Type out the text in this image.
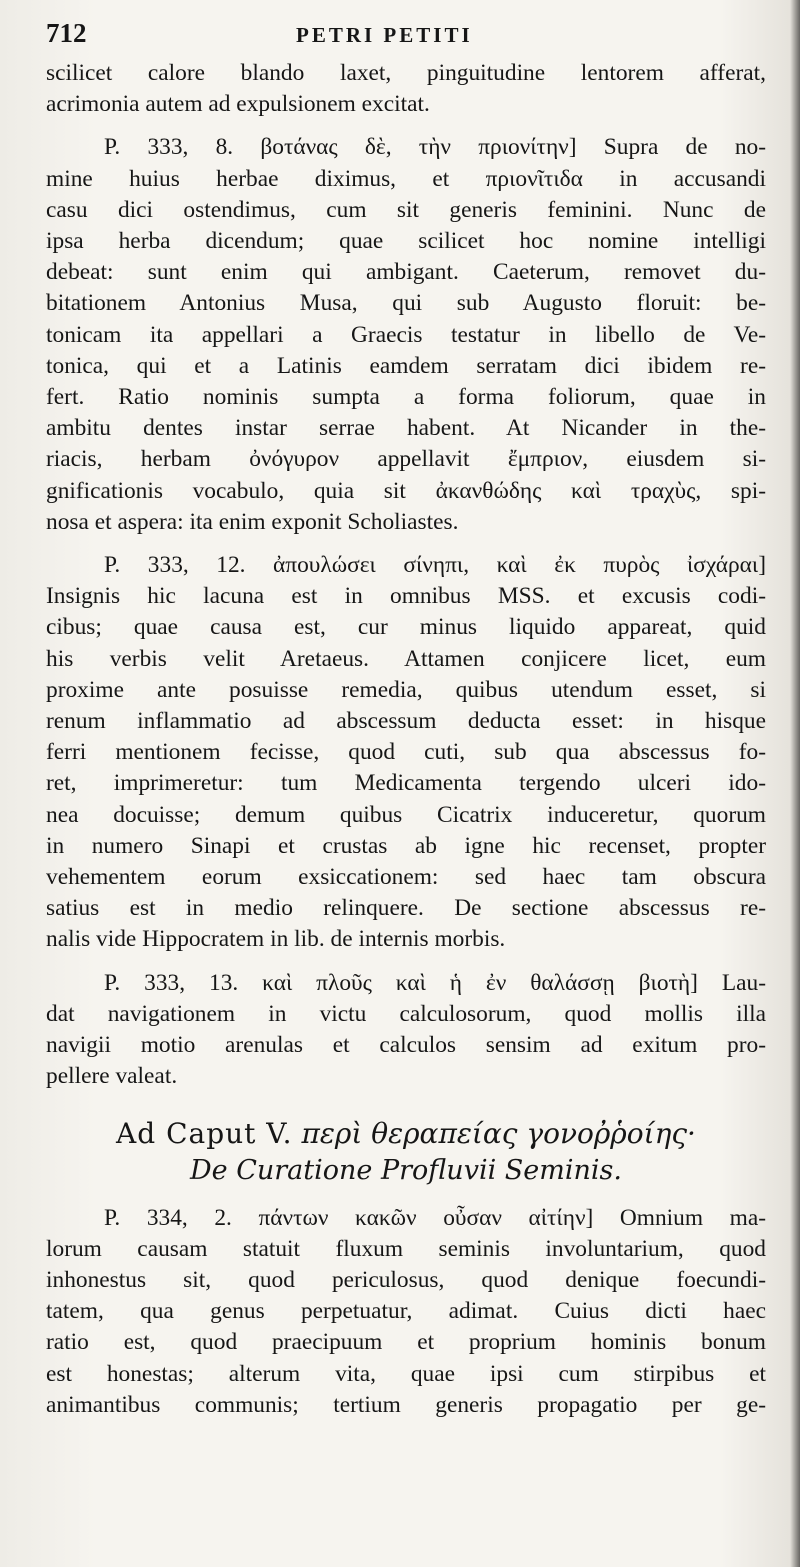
712	PETRI PETITI
scilicet calore blando laxet, pinguitudine lentorem afferat,
acrimonia autem ad expulsionem excitat.
P. 333, 8. βοτάνας δὲ, τὴν πριονίτην] Supra de no-
mine huius herbae diximus, et πριονῖτιδα in accusandi
casu dici ostendimus, cum sit generis feminini. Nunc de
ipsa herba dicendum; quae scilicet hoc nomine intelligi
debeat: sunt enim qui ambigant. Caeterum, removet du-
bitationem Antonius Musa, qui sub Augusto floruit: be-
tonicam ita appellari a Graecis testatur in libello de Ve-
tonica, qui et a Latinis eamdem serratam dici ibidem re-
fert. Ratio nominis sumpta a forma foliorum, quae in
ambitu dentes instar serrae habent. At Nicander in the-
riacis, herbam ὀνόγυρον appellavit ἔμπριον, eiusdem si-
gnificationis vocabulo, quia sit ἀκανθώδης καὶ τραχὺς, spi-
nosa et aspera: ita enim exponit Scholiastes.
P. 333, 12. ἀπουλώσει σίνηπι, καὶ ἐκ πυρὸς ἰσχάραι]
Insignis hic lacuna est in omnibus MSS. et excusis codi-
cibus; quae causa est, cur minus liquido appareat, quid
his verbis velit Aretaeus. Attamen conjicere licet, eum
proxime ante posuisse remedia, quibus utendum esset, si
renum inflammatio ad abscessum deducta esset: in hisque
ferri mentionem fecisse, quod cuti, sub qua abscessus fo-
ret, imprimeretur: tum Medicamenta tergendo ulceri ido-
nea docuisse; demum quibus Cicatrix induceretur, quorum
in numero Sinapi et crustas ab igne hic recenset, propter
vehementem eorum exsiccationem: sed haec tam obscura
satius est in medio relinquere. De sectione abscessus re-
nalis vide Hippocratem in lib. de internis morbis.
P. 333, 13. καὶ πλοῦς καὶ ἡ ἐν θαλάσσῃ βιοτὴ] Lau-
dat navigationem in victu calculosorum, quod mollis illa
navigii motio arenulas et calculos sensim ad exitum pro-
pellere valeat.
Ad Caput V. περὶ θεραπείας γονοῤῥοίης·
De Curatione Profluvii Seminis.
P. 334, 2. πάντων κακῶν οὖσαν αἰτίην] Omnium ma-
lorum causam statuit fluxum seminis involuntarium, quod
inhonestus sit, quod periculosus, quod denique foecundi-
tatem, qua genus perpetuatur, adimat. Cuius dicti haec
ratio est, quod praecipuum et proprium hominis bonum
est honestas; alterum vita, quae ipsi cum stirpibus et
animantibus communis; tertium generis propagatio per ge-
